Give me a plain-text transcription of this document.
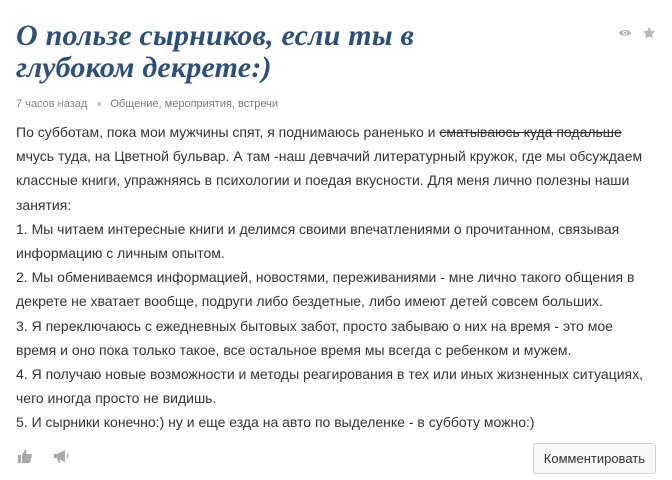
О пользе сырников, если ты в глубоком декрете:)
7 часов назад Общение, мероприятия, встречи

По субботам, пока мои мужчины спят, я поднимаюсь раненько и сматываюсь куда подальше мчусь туда, на Цветной бульвар. А там -наш девчачий литературный кружок, где мы обсуждаем классные книги, упражняясь в психологии и поедая вкусности. Для меня лично полезны наши занятия:

1. Мы читаем интересные книги и делимся своими впечатлениями о прочитанном, связывая информацию с личным опытом.

2. Мы обмениваемся информацией, новостями, переживаниями - мне лично такого общения в декрете не хватает вообще, подруги либо бездетные, либо имеют детей совсем больших.

3. Я переключаюсь с ежедневных бытовых забот, просто забываю о них на время - это мое время и оно пока только такое, все остальное время мы всегда с ребенком и мужем.

4. Я получаю новые возможности и методы реагирования в тех или иных жизненных ситуациях, чего иногда просто не видишь.

5. И сырники конечно:) ну и еще езда на авто по выделенке - в субботу можно:)

Комментировать
